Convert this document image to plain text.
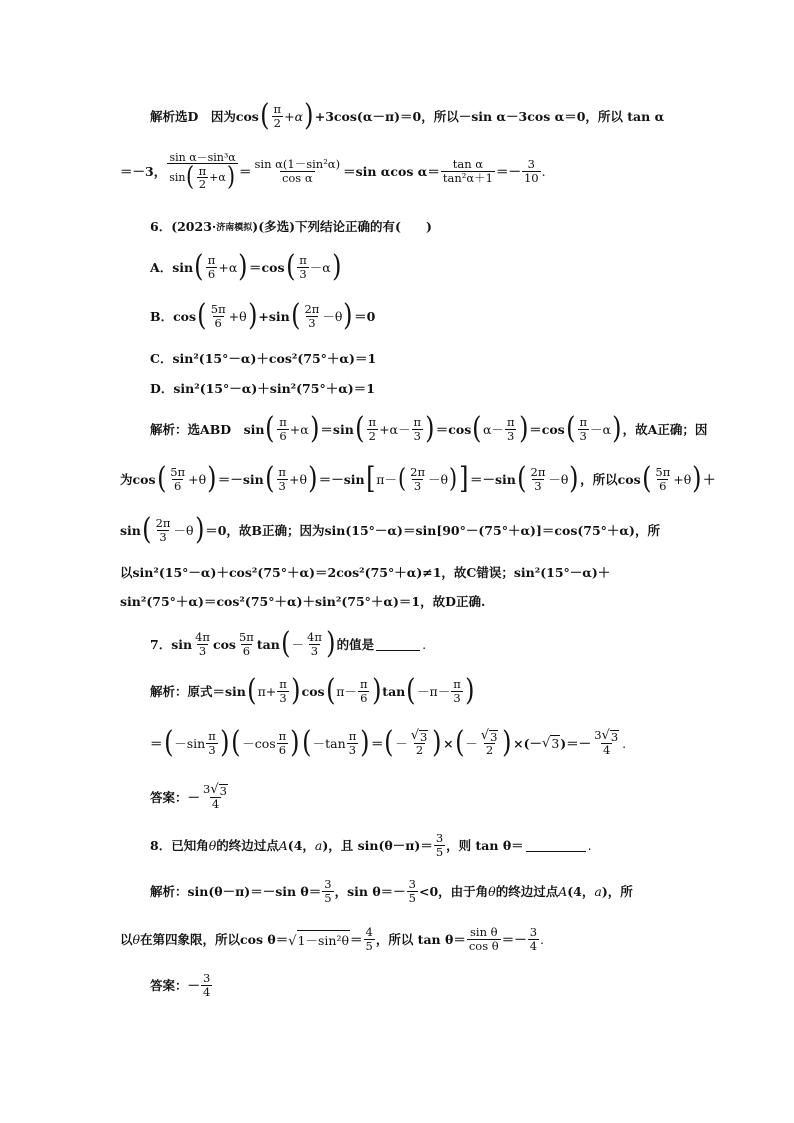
解析选D　因为cos ( $\frac{\pi}{2} +\alpha$ ) +3cos(α－π)＝0，所以－sin α－3cos α＝0，所以 tan α
＝－3， $\frac{\text{sin α－sin³α}}{\sin ( \frac{\pi}{2} +\alpha )} = \frac{\text{sin α(1－sin²α)}}{\text{cos α}} =\sin$ αcos $\alpha= \frac{\text{tan α}}{\text{tan²α＋1}} =- \frac{3}{10}$ .
6．(2023· 济南模拟 )(多选)下列结论正确的有(　　)
A．sin ( $\frac{\pi}{6} +\alpha$ ) ＝cos ( $\frac{\pi}{3} -\alpha$ )
B．cos ( $\frac{5\pi}{6} +\theta$ ) +sin ( $\frac{2\pi}{3} -\theta$ ) ＝0
C．sin²(15°－α)＋cos²(75°＋α)＝1
D．sin²(15°－α)＋sin²(75°＋α)＝1
解析：选ABD　sin ( $\frac{\pi}{6} +\alpha$ ) ＝sin ( $\frac{\pi}{2} +\alpha- \frac{\pi}{3}$ ) ＝cos ( $\alpha- \frac{\pi}{3}$ ) ＝cos ( $\frac{\pi}{3} -\alpha$ ) ，故A正确；因
为cos ( $\frac{5\pi}{6} +\theta$ ) ＝－sin ( $\frac{\pi}{3} +\theta$ ) ＝－sin [ π－ ( $\frac{2\pi}{3} -\theta$ ) ] ＝－sin ( $\frac{2\pi}{3} -\theta$ ) ，所以cos ( $\frac{5\pi}{6} +\theta$ ) ＋
sin ( $\frac{2\pi}{3} -\theta$ ) ＝0，故B正确；因为sin(15°－α)＝sin[90°－(75°＋α)]＝cos(75°＋α)，所
以sin²(15°－α)＋cos²(75°＋α)＝2cos²(75°＋α)≠1，故C错误；sin²(15°－α)＋
sin²(75°＋α)＝cos²(75°＋α)＋sin²(75°＋α)＝1，故D正确.
7．$\sin \frac{4\pi}{3}$ $\cos \frac{5\pi}{6}$ tan ( － $\frac{4\pi}{3}$ ) 的值是	.
解析：原式＝sin ( $\pi+ \frac{\pi}{3}$ ) cos ( $\pi- \frac{\pi}{6}$ ) tan ( $-\pi- \frac{\pi}{3}$ )
＝ ( $-\sin \frac{\pi}{3}$ ) ( $-\cos \frac{\pi}{6}$ ) ( $-\tan \frac{\pi}{3}$ ) ＝ ( － $\frac{√ 3}{2}$ ) × ( － $\frac{√ 3}{2}$ ) ×(－ √ 3 )＝－ $\frac{3 √ 3}{4}$ .
答案：－ $\frac{3 √ 3}{4}$
8．已知角 θ 的终边过点 A (4， a )，且 $\sin(\theta-\pi)= \frac{3}{5}$ ，则 tan θ＝	.
解析：sin(θ－π)＝－sin $\theta= \frac{3}{5}$ ，$\sin \theta=- \frac{3}{5} <0$，由于角 θ 的终边过点 A (4， a )，所
以 θ 在第四象限，所以cos θ＝ √ $1-\sin^2\theta = \frac{4}{5}$ ，所以 $\tan \theta= \frac{\text{sin θ}}{\text{cos θ}} =- \frac{3}{4}$ .
答案：－ $\frac{3}{4}$
